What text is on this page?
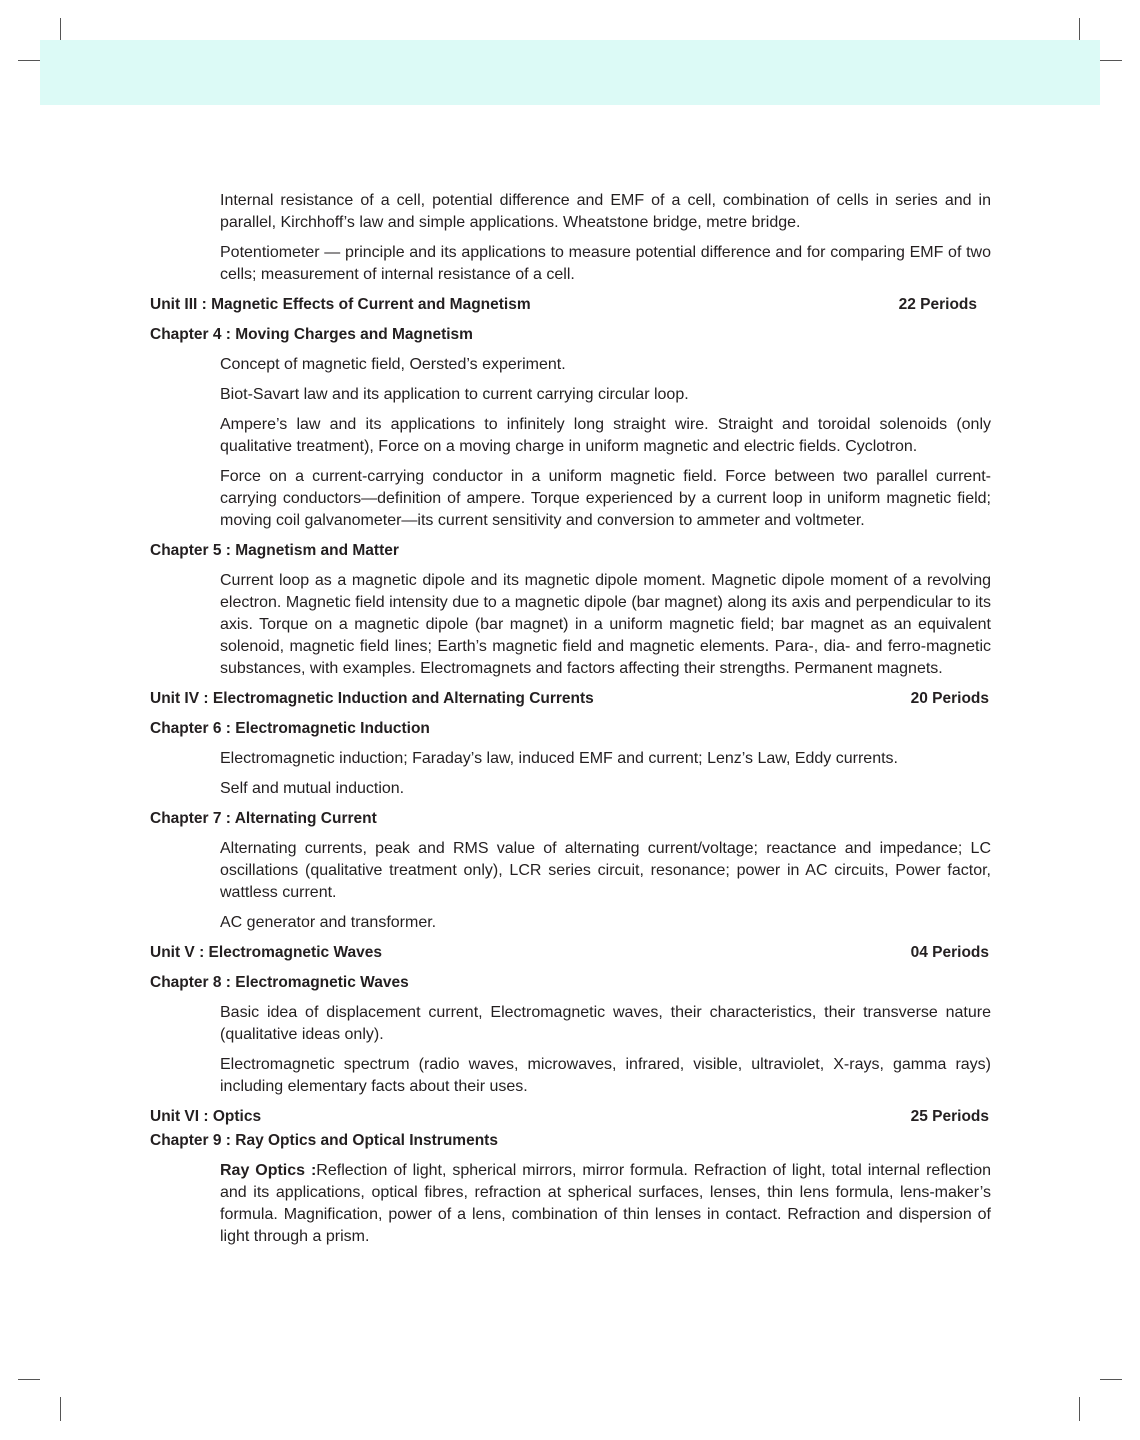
Internal resistance of a cell, potential difference and EMF of a cell, combination of cells in series and in parallel, Kirchhoff’s law and simple applications. Wheatstone bridge, metre bridge.

Potentiometer — principle and its applications to measure potential difference and for comparing EMF of two cells; measurement of internal resistance of a cell.

Unit III : Magnetic Effects of Current and Magnetism	22 Periods
Chapter 4 : Moving Charges and Magnetism

Concept of magnetic field, Oersted’s experiment.

Biot-Savart law and its application to current carrying circular loop.

Ampere’s law and its applications to infinitely long straight wire. Straight and toroidal solenoids (only qualitative treatment), Force on a moving charge in uniform magnetic and electric fields. Cyclotron.

Force on a current-carrying conductor in a uniform magnetic field. Force between two parallel current-carrying conductors—definition of ampere. Torque experienced by a current loop in uniform magnetic field; moving coil galvanometer—its current sensitivity and conversion to ammeter and voltmeter.

Chapter 5 : Magnetism and Matter

Current loop as a magnetic dipole and its magnetic dipole moment. Magnetic dipole moment of a revolving electron. Magnetic field intensity due to a magnetic dipole (bar magnet) along its axis and perpendicular to its axis. Torque on a magnetic dipole (bar magnet) in a uniform magnetic field; bar magnet as an equivalent solenoid, magnetic field lines; Earth’s magnetic field and magnetic elements. Para-, dia- and ferro-magnetic substances, with examples. Electromagnets and factors affecting their strengths. Permanent magnets.

Unit IV : Electromagnetic Induction and Alternating Currents	20 Periods
Chapter 6 : Electromagnetic Induction

Electromagnetic induction; Faraday’s law, induced EMF and current; Lenz’s Law, Eddy currents.

Self and mutual induction.

Chapter 7 : Alternating Current

Alternating currents, peak and RMS value of alternating current/voltage; reactance and impedance; LC oscillations (qualitative treatment only), LCR series circuit, resonance; power in AC circuits, Power factor, wattless current.

AC generator and transformer.

Unit V : Electromagnetic Waves	04 Periods
Chapter 8 : Electromagnetic Waves

Basic idea of displacement current, Electromagnetic waves, their characteristics, their transverse nature (qualitative ideas only).

Electromagnetic spectrum (radio waves, microwaves, infrared, visible, ultraviolet, X-rays, gamma rays) including elementary facts about their uses.

Unit VI : Optics	25 Periods
Chapter 9 : Ray Optics and Optical Instruments

Ray Optics :Reflection of light, spherical mirrors, mirror formula. Refraction of light, total internal reflection and its applications, optical fibres, refraction at spherical surfaces, lenses, thin lens formula, lens-maker’s formula. Magnification, power of a lens, combination of thin lenses in contact. Refraction and dispersion of light through a prism.
